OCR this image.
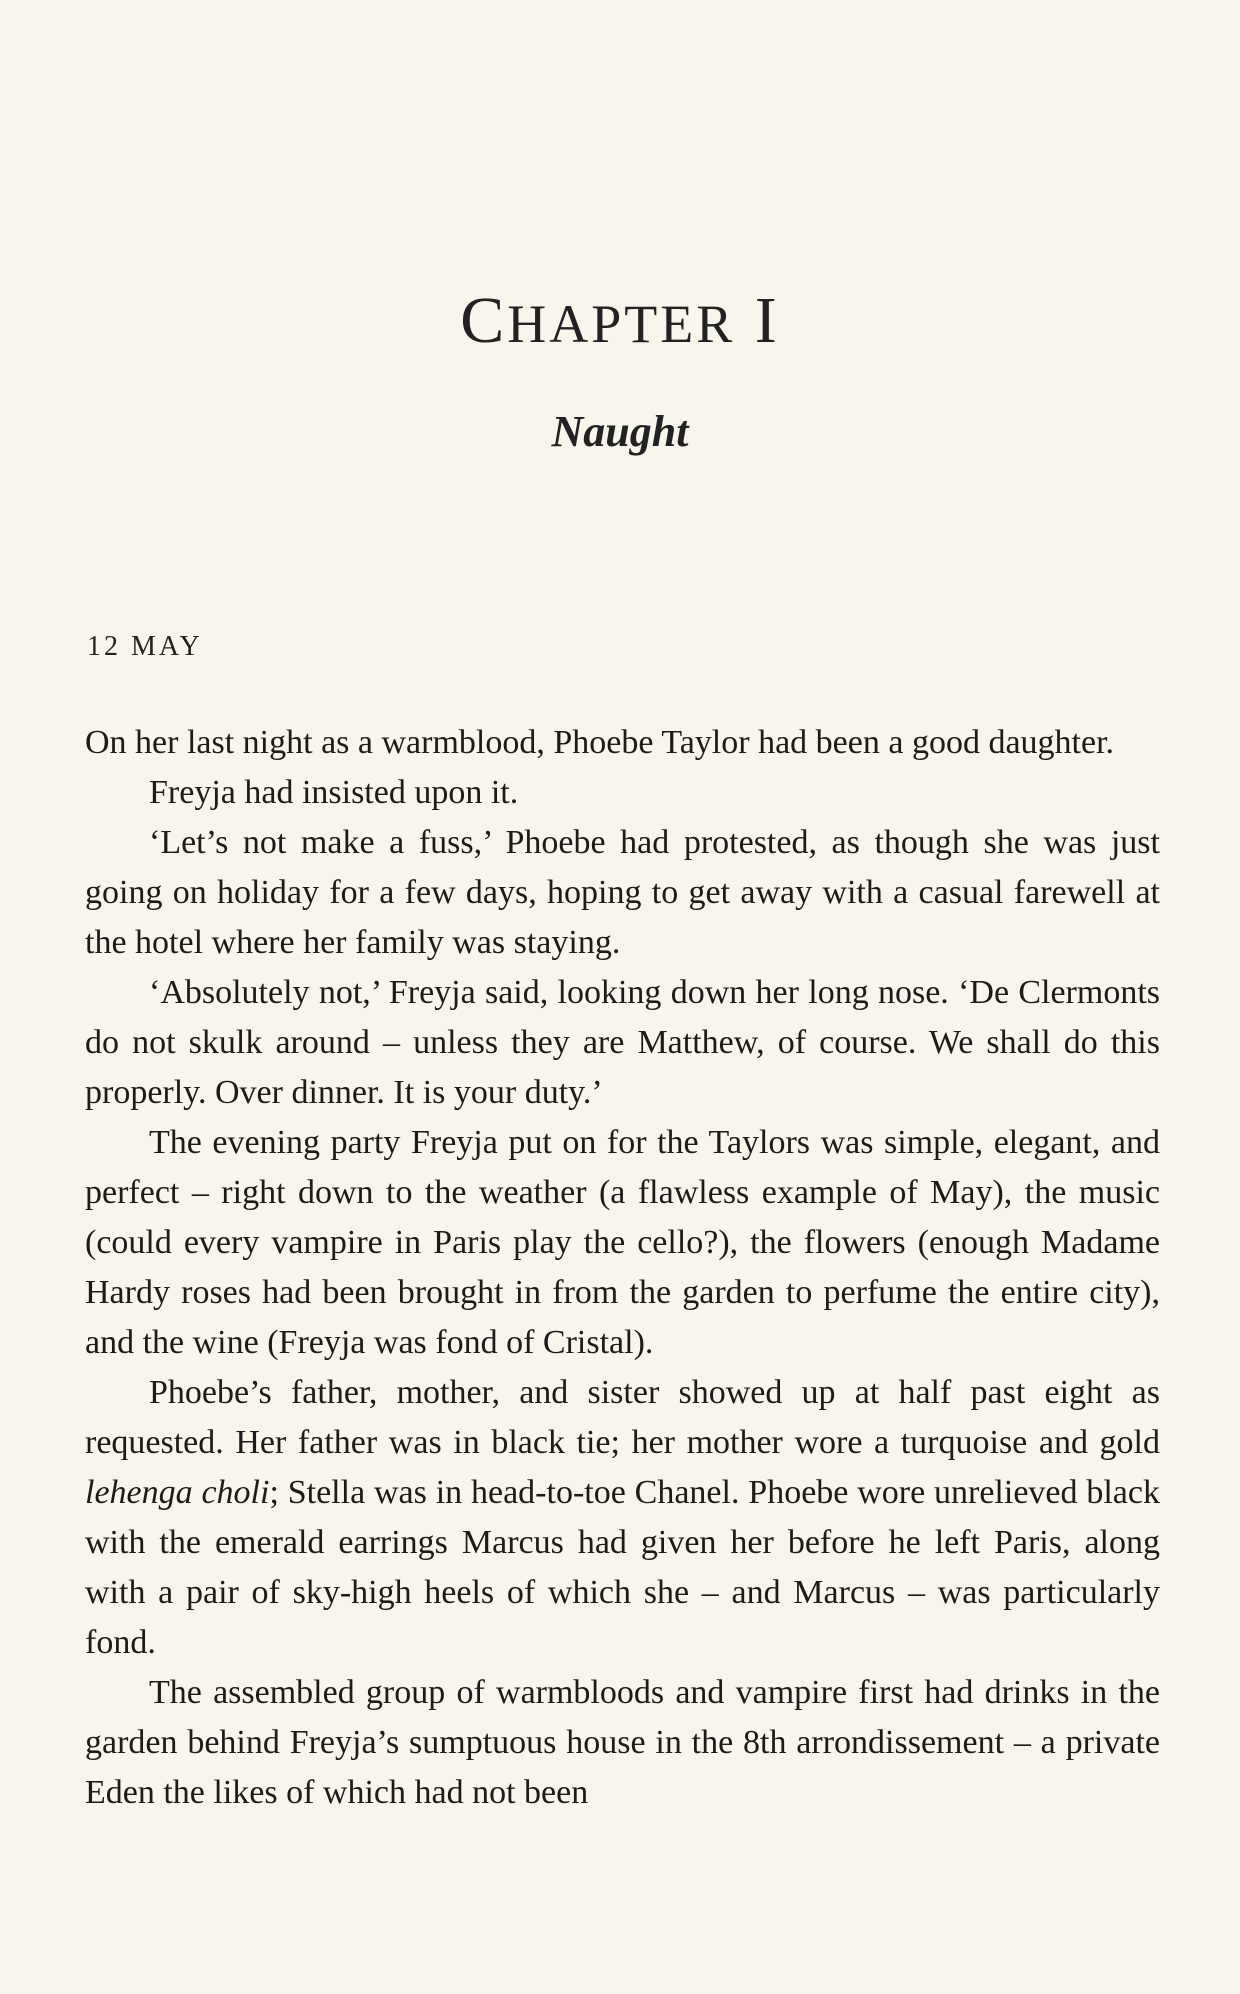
CHAPTER I
Naught
12 MAY

On her last night as a warmblood, Phoebe Taylor had been a good daughter.

Freyja had insisted upon it.

‘Let’s not make a fuss,’ Phoebe had protested, as though she was just going on holiday for a few days, hoping to get away with a casual farewell at the hotel where her family was staying.

‘Absolutely not,’ Freyja said, looking down her long nose. ‘De Clermonts do not skulk around – unless they are Matthew, of course. We shall do this properly. Over dinner. It is your duty.’

The evening party Freyja put on for the Taylors was simple, elegant, and perfect – right down to the weather (a flawless example of May), the music (could every vampire in Paris play the cello?), the flowers (enough Madame Hardy roses had been brought in from the garden to perfume the entire city), and the wine (Freyja was fond of Cristal).

Phoebe’s father, mother, and sister showed up at half past eight as requested. Her father was in black tie; her mother wore a turquoise and gold lehenga choli; Stella was in head-to-toe Chanel. Phoebe wore unrelieved black with the emerald earrings Marcus had given her before he left Paris, along with a pair of sky-high heels of which she – and Marcus – was particularly fond.

The assembled group of warmbloods and vampire first had drinks in the garden behind Freyja’s sumptuous house in the 8th arrondissement – a private Eden the likes of which had not been
